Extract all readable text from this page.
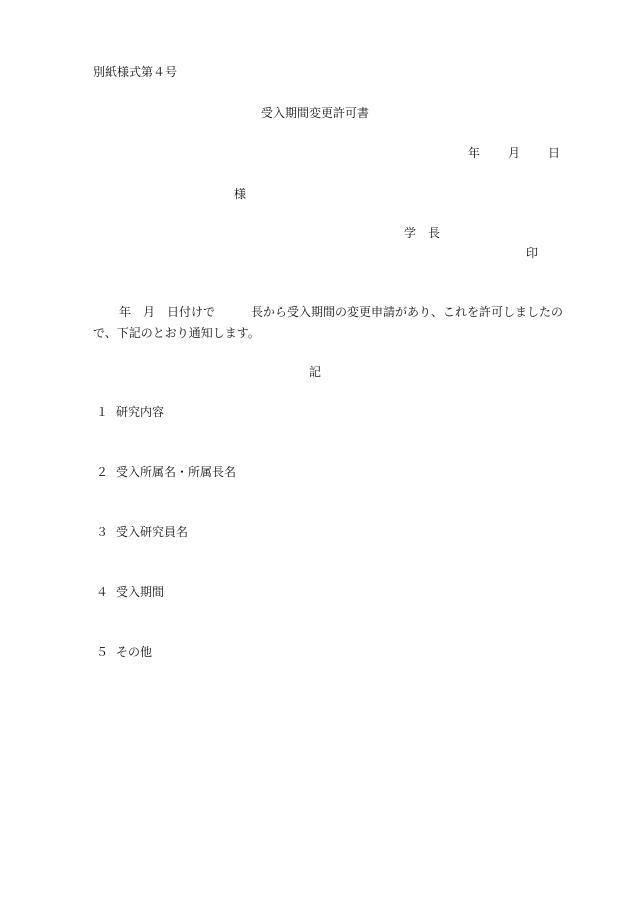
別紙様式第４号
受入期間変更許可書
年 月 日
様
学　長
印
年　月　日付けで　　　長から受入期間の変更申請があり、これを許可しましたの
で、下記のとおり通知します。
記
１ 研究内容
２ 受入所属名・所属長名
３ 受入研究員名
４ 受入期間
５ その他
